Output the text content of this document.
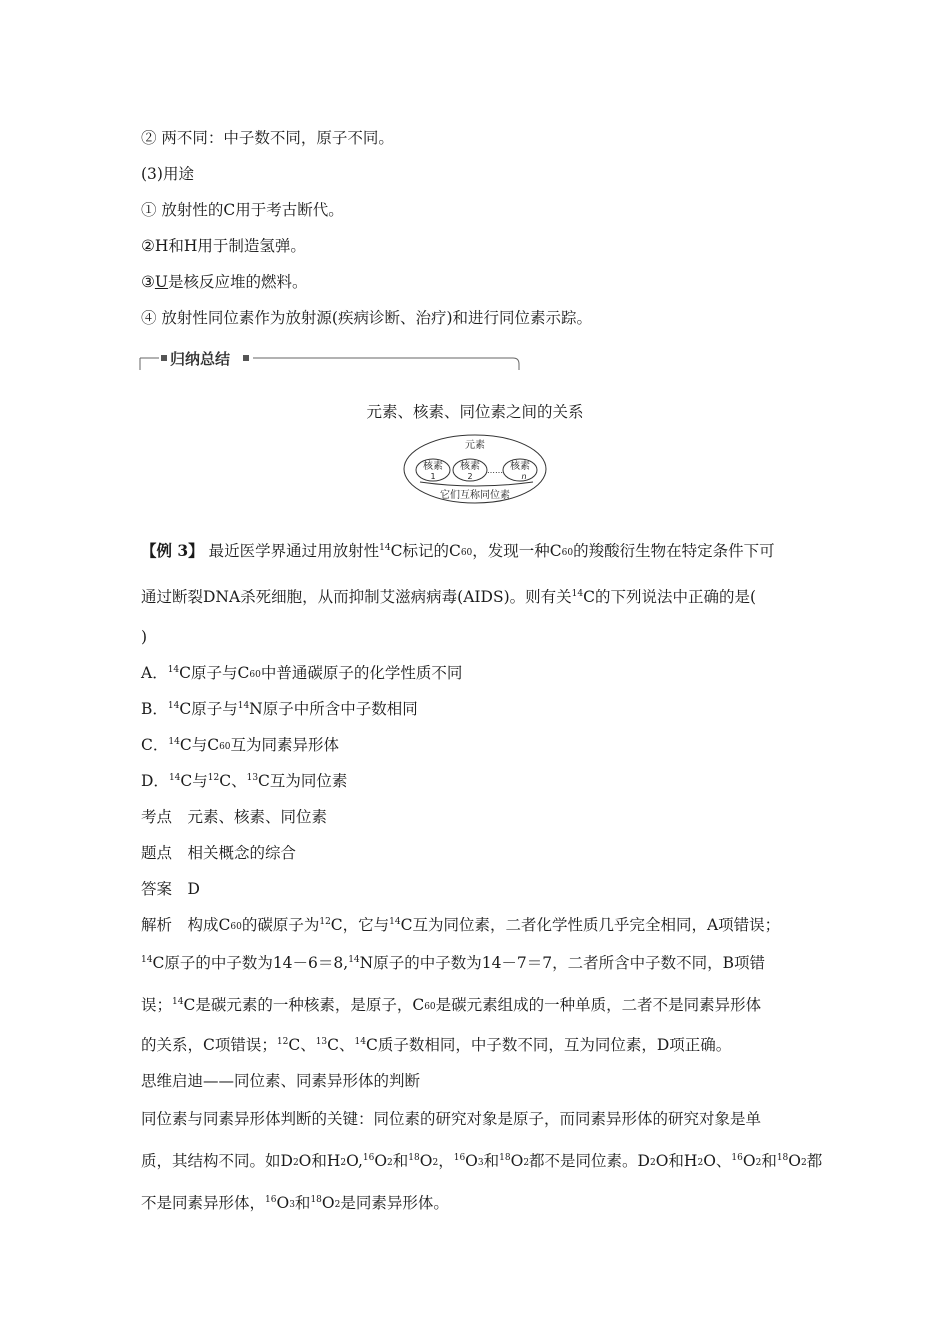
② 两不同：中子数不同，原子不同。
(3)用途
① 放射性的C用于考古断代。
②H和H用于制造氢弹。
③U是核反应堆的燃料。
④ 放射性同位素作为放射源(疾病诊断、治疗)和进行同位素示踪。
归纳总结
元素、核素、同位素之间的关系
元素
核素
1
核素
2
…… 核素
n
它们互称同位素
【例 3】 最近医学界通过用放射性$^{14}$C标记的$C_{60}$，发现一种$C_{60}$的羧酸衍生物在特定条件下可
通过断裂DNA杀死细胞，从而抑制艾滋病病毒(AIDS)。则有关$^{14}$C的下列说法中正确的是(
)
A．$^{14}$C原子与$C_{60}$中普通碳原子的化学性质不同
B．$^{14}$C原子与$^{14}$N原子中所含中子数相同
C．$^{14}$C与$C_{60}$互为同素异形体
D．$^{14}$C与$^{12}$C、$^{13}$C互为同位素
考点　元素、核素、同位素
题点　相关概念的综合
答案　D
解析　构成$C_{60}$的碳原子为$^{12}$C，它与$^{14}$C互为同位素，二者化学性质几乎完全相同，A项错误；
$^{14}$C原子的中子数为14－6＝8,14N原子的中子数为14－7＝7，二者所含中子数不同，B项错
误；$^{14}$C是碳元素的一种核素，是原子，$C_{60}$是碳元素组成的一种单质，二者不是同素异形体
的关系，C项错误；$^{12}$C、$^{13}$C、$^{14}$C质子数相同，中子数不同，互为同位素，D项正确。
思维启迪——同位素、同素异形体的判断
同位素与同素异形体判断的关键：同位素的研究对象是原子，而同素异形体的研究对象是单
质，其结构不同。如$D_2O$和$H_2O,^{16}O_2$和$^{18}O_2$，$^{16}O_3$和$^{18}O_2$都不是同位素。$D_2O$和$H_2O$、$^{16}O_2$和$^{18}O_2$都
不是同素异形体，$^{16}O_3$和$^{18}O_2$是同素异形体。
